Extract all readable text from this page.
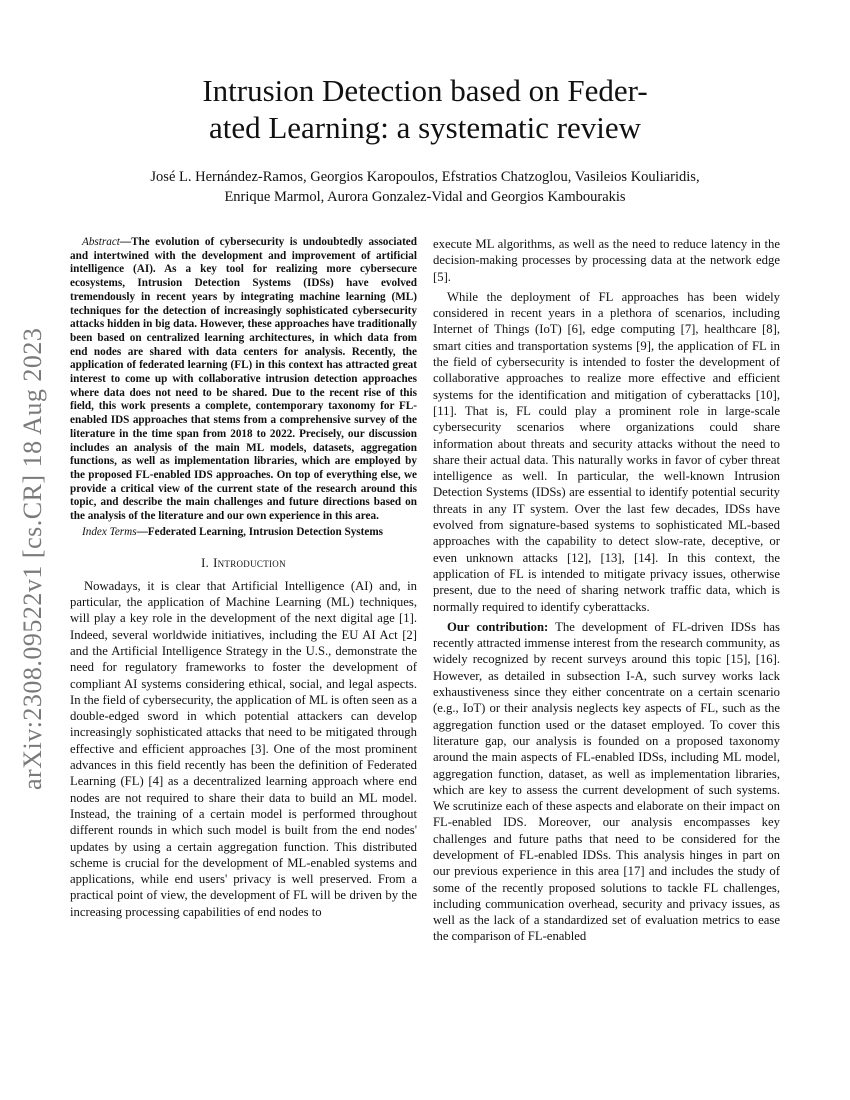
arXiv:2308.09522v1 [cs.CR] 18 Aug 2023
Intrusion Detection based on Feder-
ated Learning: a systematic review
José L. Hernández-Ramos, Georgios Karopoulos, Efstratios Chatzoglou, Vasileios Kouliaridis,
Enrique Marmol, Aurora Gonzalez-Vidal and Georgios Kambourakis

Abstract—The evolution of cybersecurity is undoubtedly associated and intertwined with the development and improvement of artificial intelligence (AI). As a key tool for realizing more cybersecure ecosystems, Intrusion Detection Systems (IDSs) have evolved tremendously in recent years by integrating machine learning (ML) techniques for the detection of increasingly sophisticated cybersecurity attacks hidden in big data. However, these approaches have traditionally been based on centralized learning architectures, in which data from end nodes are shared with data centers for analysis. Recently, the application of federated learning (FL) in this context has attracted great interest to come up with collaborative intrusion detection approaches where data does not need to be shared. Due to the recent rise of this field, this work presents a complete, contemporary taxonomy for FL-enabled IDS approaches that stems from a comprehensive survey of the literature in the time span from 2018 to 2022. Precisely, our discussion includes an analysis of the main ML models, datasets, aggregation functions, as well as implementation libraries, which are employed by the proposed FL-enabled IDS approaches. On top of everything else, we provide a critical view of the current state of the research around this topic, and describe the main challenges and future directions based on the analysis of the literature and our own experience in this area.

Index Terms—Federated Learning, Intrusion Detection Systems

I. Introduction

Nowadays, it is clear that Artificial Intelligence (AI) and, in particular, the application of Machine Learning (ML) techniques, will play a key role in the development of the next digital age [1]. Indeed, several worldwide initiatives, including the EU AI Act [2] and the Artificial Intelligence Strategy in the U.S., demonstrate the need for regulatory frameworks to foster the development of compliant AI systems considering ethical, social, and legal aspects. In the field of cybersecurity, the application of ML is often seen as a double-edged sword in which potential attackers can develop increasingly sophisticated attacks that need to be mitigated through effective and efficient approaches [3]. One of the most prominent advances in this field recently has been the definition of Federated Learning (FL) [4] as a decentralized learning approach where end nodes are not required to share their data to build an ML model. Instead, the training of a certain model is performed throughout different rounds in which such model is built from the end nodes' updates by using a certain aggregation function. This distributed scheme is crucial for the development of ML-enabled systems and applications, while end users' privacy is well preserved. From a practical point of view, the development of FL will be driven by the increasing processing capabilities of end nodes to

execute ML algorithms, as well as the need to reduce latency in the decision-making processes by processing data at the network edge [5].

While the deployment of FL approaches has been widely considered in recent years in a plethora of scenarios, including Internet of Things (IoT) [6], edge computing [7], healthcare [8], smart cities and transportation systems [9], the application of FL in the field of cybersecurity is intended to foster the development of collaborative approaches to realize more effective and efficient systems for the identification and mitigation of cyberattacks [10], [11]. That is, FL could play a prominent role in large-scale cybersecurity scenarios where organizations could share information about threats and security attacks without the need to share their actual data. This naturally works in favor of cyber threat intelligence as well. In particular, the well-known Intrusion Detection Systems (IDSs) are essential to identify potential security threats in any IT system. Over the last few decades, IDSs have evolved from signature-based systems to sophisticated ML-based approaches with the capability to detect slow-rate, deceptive, or even unknown attacks [12], [13], [14]. In this context, the application of FL is intended to mitigate privacy issues, otherwise present, due to the need of sharing network traffic data, which is normally required to identify cyberattacks.

Our contribution: The development of FL-driven IDSs has recently attracted immense interest from the research community, as widely recognized by recent surveys around this topic [15], [16]. However, as detailed in subsection I-A, such survey works lack exhaustiveness since they either concentrate on a certain scenario (e.g., IoT) or their analysis neglects key aspects of FL, such as the aggregation function used or the dataset employed. To cover this literature gap, our analysis is founded on a proposed taxonomy around the main aspects of FL-enabled IDSs, including ML model, aggregation function, dataset, as well as implementation libraries, which are key to assess the current development of such systems. We scrutinize each of these aspects and elaborate on their impact on FL-enabled IDS. Moreover, our analysis encompasses key challenges and future paths that need to be considered for the development of FL-enabled IDSs. This analysis hinges in part on our previous experience in this area [17] and includes the study of some of the recently proposed solutions to tackle FL challenges, including communication overhead, security and privacy issues, as well as the lack of a standardized set of evaluation metrics to ease the comparison of FL-enabled
